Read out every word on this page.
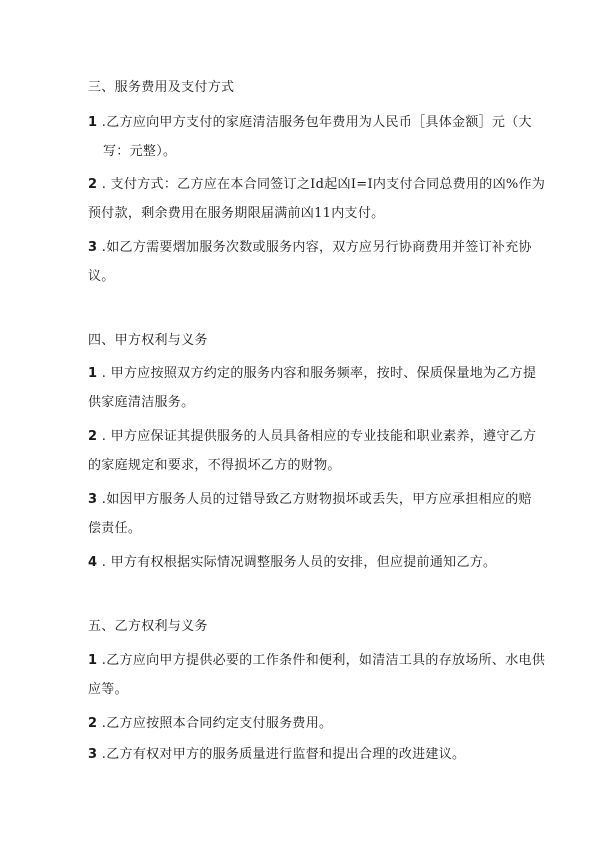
三、服务费用及支付方式
1 .乙方应向甲方支付的家庭清洁服务包年费用为人民币［具体金额］元（大
写：元整）。
2 . 支付方式：乙方应在本合同签订之Id起凶I=I内支付合同总费用的凶%作为
预付款，剩余费用在服务期限届满前凶11内支付。
3 .如乙方需要熠加服务次数或服务内容，双方应另行协商费用并签订补充协
议。
四、甲方权利与义务
1 . 甲方应按照双方约定的服务内容和服务频率，按时、保质保量地为乙方提
供家庭清洁服务。
2 . 甲方应保证其提供服务的人员具备相应的专业技能和职业素养，遵守乙方
的家庭规定和要求，不得损坏乙方的财物。
3 .如因甲方服务人员的过错导致乙方财物损坏或丢失，甲方应承担相应的赔
偿责任。
4 . 甲方有权根据实际情况调整服务人员的安排，但应提前通知乙方。
五、乙方权利与义务
1 .乙方应向甲方提供必要的工作条件和便利，如清洁工具的存放场所、水电供
应等。
2 .乙方应按照本合同约定支付服务费用。
3 .乙方有权对甲方的服务质量进行监督和提出合理的改进建议。
